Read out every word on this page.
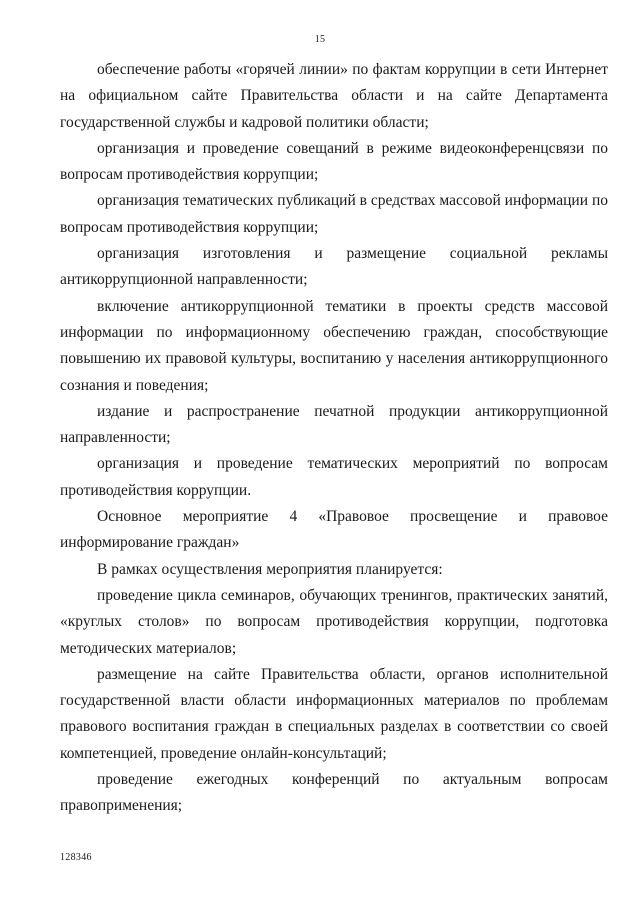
15

обеспечение работы «горячей линии» по фактам коррупции в сети Интернет на официальном сайте Правительства области и на сайте Департамента государственной службы и кадровой политики области;

организация и проведение совещаний в режиме видеоконференцсвязи по вопросам противодействия коррупции;

организация тематических публикаций в средствах массовой информации по вопросам противодействия коррупции;

организация изготовления и размещение социальной рекламы антикоррупционной направленности;

включение антикоррупционной тематики в проекты средств массовой информации по информационному обеспечению граждан, способствующие повышению их правовой культуры, воспитанию у населения антикоррупционного сознания и поведения;

издание и распространение печатной продукции антикоррупционной направленности;

организация и проведение тематических мероприятий по вопросам противодействия коррупции.

Основное мероприятие 4 «Правовое просвещение и правовое информирование граждан»

В рамках осуществления мероприятия планируется:

проведение цикла семинаров, обучающих тренингов, практических занятий, «круглых столов» по вопросам противодействия коррупции, подготовка методических материалов;

размещение на сайте Правительства области, органов исполнительной государственной власти области информационных материалов по проблемам правового воспитания граждан в специальных разделах в соответствии со своей компетенцией, проведение онлайн-консультаций;

проведение ежегодных конференций по актуальным вопросам правоприменения;

128346
